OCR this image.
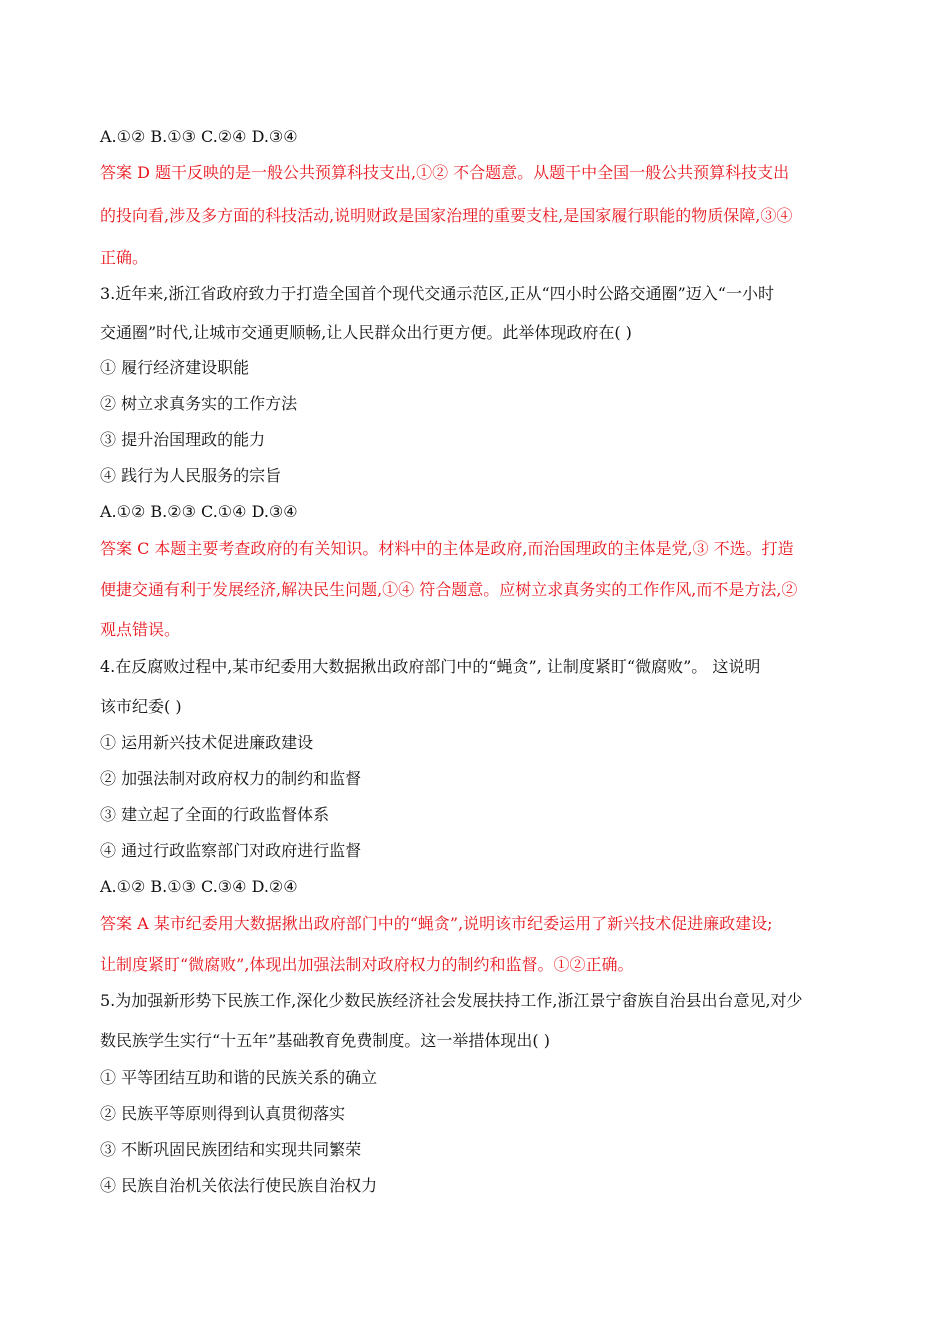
A.①② B.①③ C.②④ D.③④
答案 D 题干反映的是一般公共预算科技支出,①② 不合题意。从题干中全国一般公共预算科技支出
的投向看,涉及多方面的科技活动,说明财政是国家治理的重要支柱,是国家履行职能的物质保障,③④
正确。
3.近年来,浙江省政府致力于打造全国首个现代交通示范区,正从“四小时公路交通圈”迈入“一小时
交通圈”时代,让城市交通更顺畅,让人民群众出行更方便。此举体现政府在( )
① 履行经济建设职能
② 树立求真务实的工作方法
③ 提升治国理政的能力
④ 践行为人民服务的宗旨
A.①② B.②③ C.①④ D.③④
答案 C 本题主要考查政府的有关知识。材料中的主体是政府,而治国理政的主体是党,③ 不选。打造
便捷交通有利于发展经济,解决民生问题,①④ 符合题意。应树立求真务实的工作作风,而不是方法,②
观点错误。
4.在反腐败过程中,某市纪委用大数据揪出政府部门中的“蝇贪”, 让制度紧盯“微腐败”。 这说明
该市纪委( )
① 运用新兴技术促进廉政建设
② 加强法制对政府权力的制约和监督
③ 建立起了全面的行政监督体系
④ 通过行政监察部门对政府进行监督
A.①② B.①③ C.③④ D.②④
答案 A 某市纪委用大数据揪出政府部门中的“蝇贪”,说明该市纪委运用了新兴技术促进廉政建设;
让制度紧盯“微腐败”,体现出加强法制对政府权力的制约和监督。①②正确。
5.为加强新形势下民族工作,深化少数民族经济社会发展扶持工作,浙江景宁畲族自治县出台意见,对少
数民族学生实行“十五年”基础教育免费制度。这一举措体现出( )
① 平等团结互助和谐的民族关系的确立
② 民族平等原则得到认真贯彻落实
③ 不断巩固民族团结和实现共同繁荣
④ 民族自治机关依法行使民族自治权力
